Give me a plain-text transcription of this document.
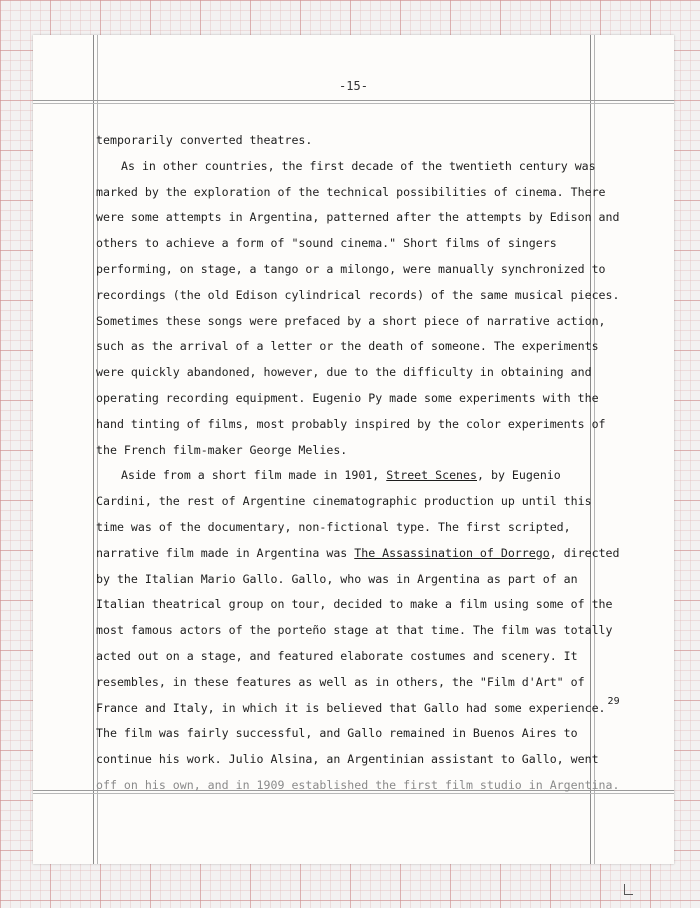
-15-
temporarily converted theatres.
As in other countries, the first decade of the twentieth century was
marked by the exploration of the technical possibilities of cinema. There
were some attempts in Argentina, patterned after the attempts by Edison and
others to achieve a form of "sound cinema." Short films of singers
performing, on stage, a tango or a milongo, were manually synchronized to
recordings (the old Edison cylindrical records) of the same musical pieces.
Sometimes these songs were prefaced by a short piece of narrative action,
such as the arrival of a letter or the death of someone. The experiments
were quickly abandoned, however, due to the difficulty in obtaining and
operating recording equipment. Eugenio Py made some experiments with the
hand tinting of films, most probably inspired by the color experiments of
the French film-maker George Melies.
Aside from a short film made in 1901, Street Scenes, by Eugenio
Cardini, the rest of Argentine cinematographic production up until this
time was of the documentary, non-fictional type. The first scripted,
narrative film made in Argentina was The Assassination of Dorrego, directed
by the Italian Mario Gallo. Gallo, who was in Argentina as part of an
Italian theatrical group on tour, decided to make a film using some of the
most famous actors of the porteño stage at that time. The film was totally
acted out on a stage, and featured elaborate costumes and scenery. It
resembles, in these features as well as in others, the "Film d'Art" of
France and Italy, in which it is believed that Gallo had some experience. 29
The film was fairly successful, and Gallo remained in Buenos Aires to
continue his work. Julio Alsina, an Argentinian assistant to Gallo, went
off on his own, and in 1909 established the first film studio in Argentina.
